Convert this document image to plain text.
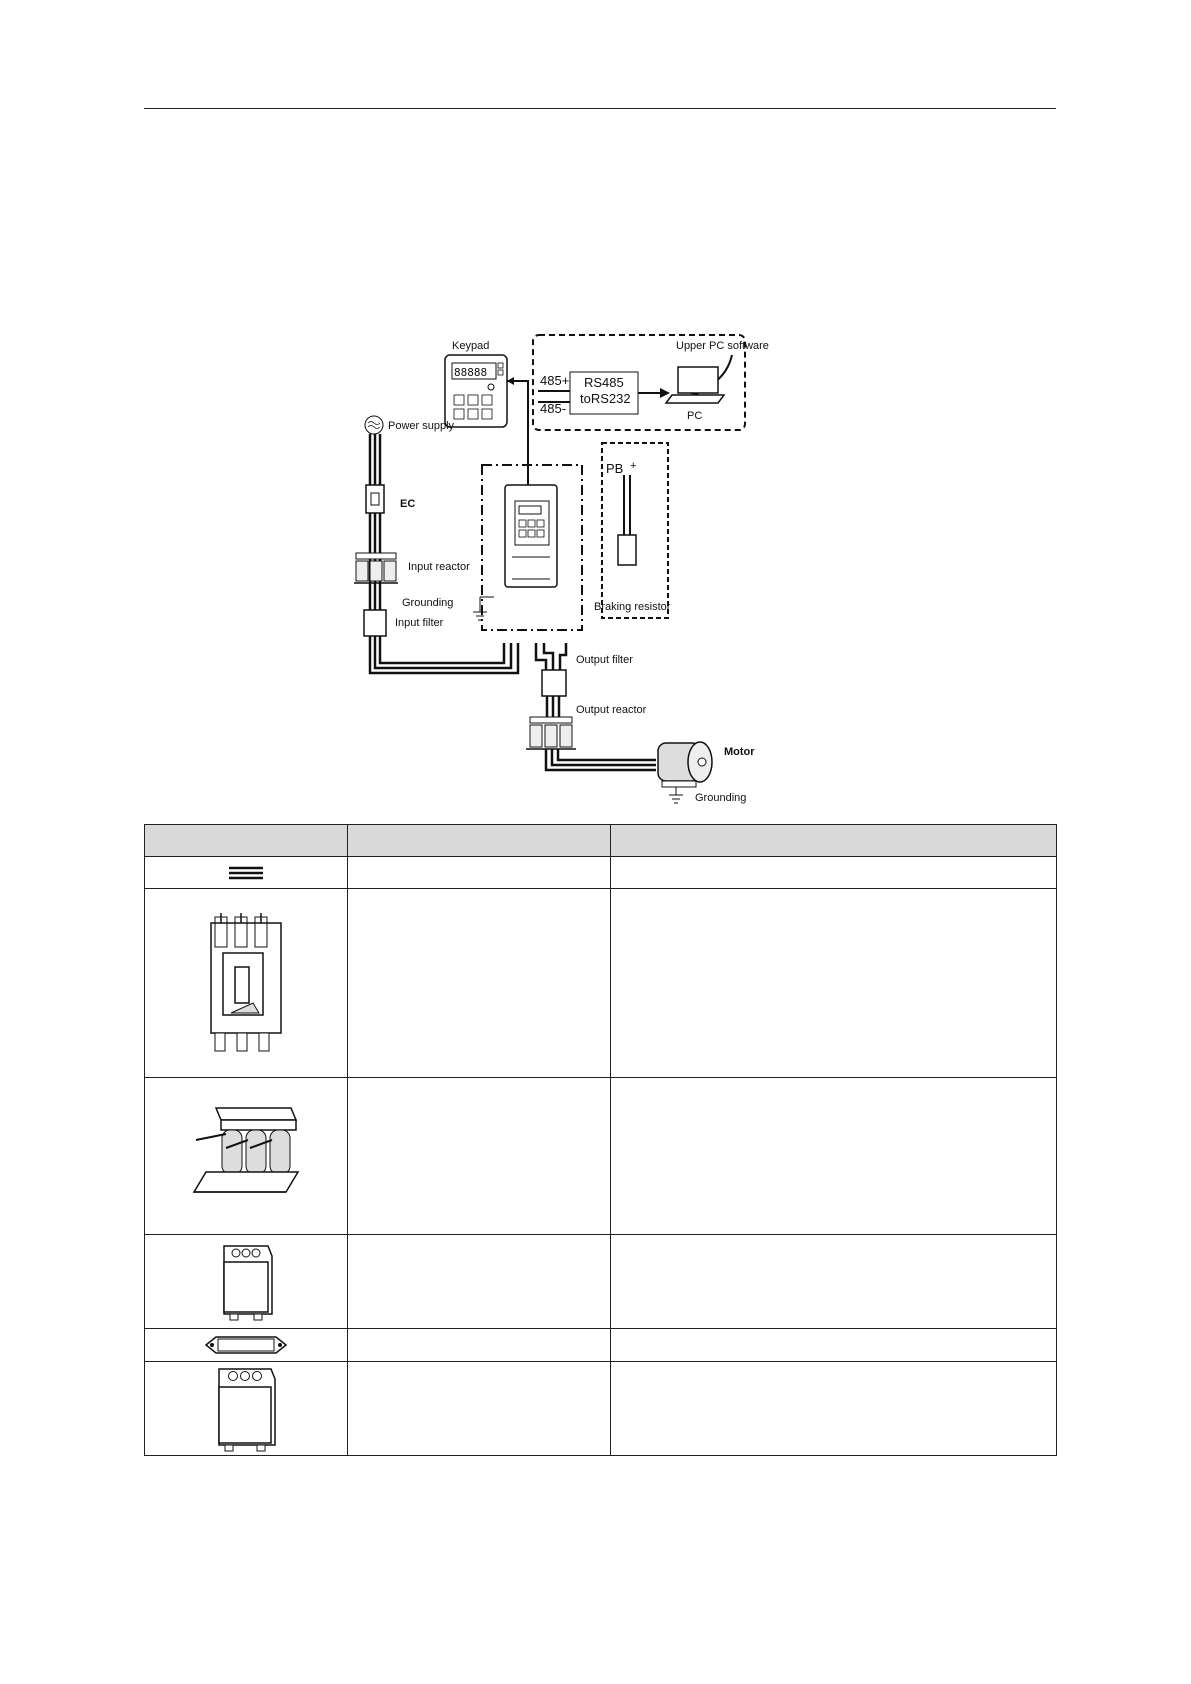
Keypad
88888
Upper PC software
RS485
toRS232
485+
485-	PC
Power supply
EC
Input reactor
Grounding
Input filter
PB +
Braking resistor
Output filter
Output reactor
Motor
Grounding
